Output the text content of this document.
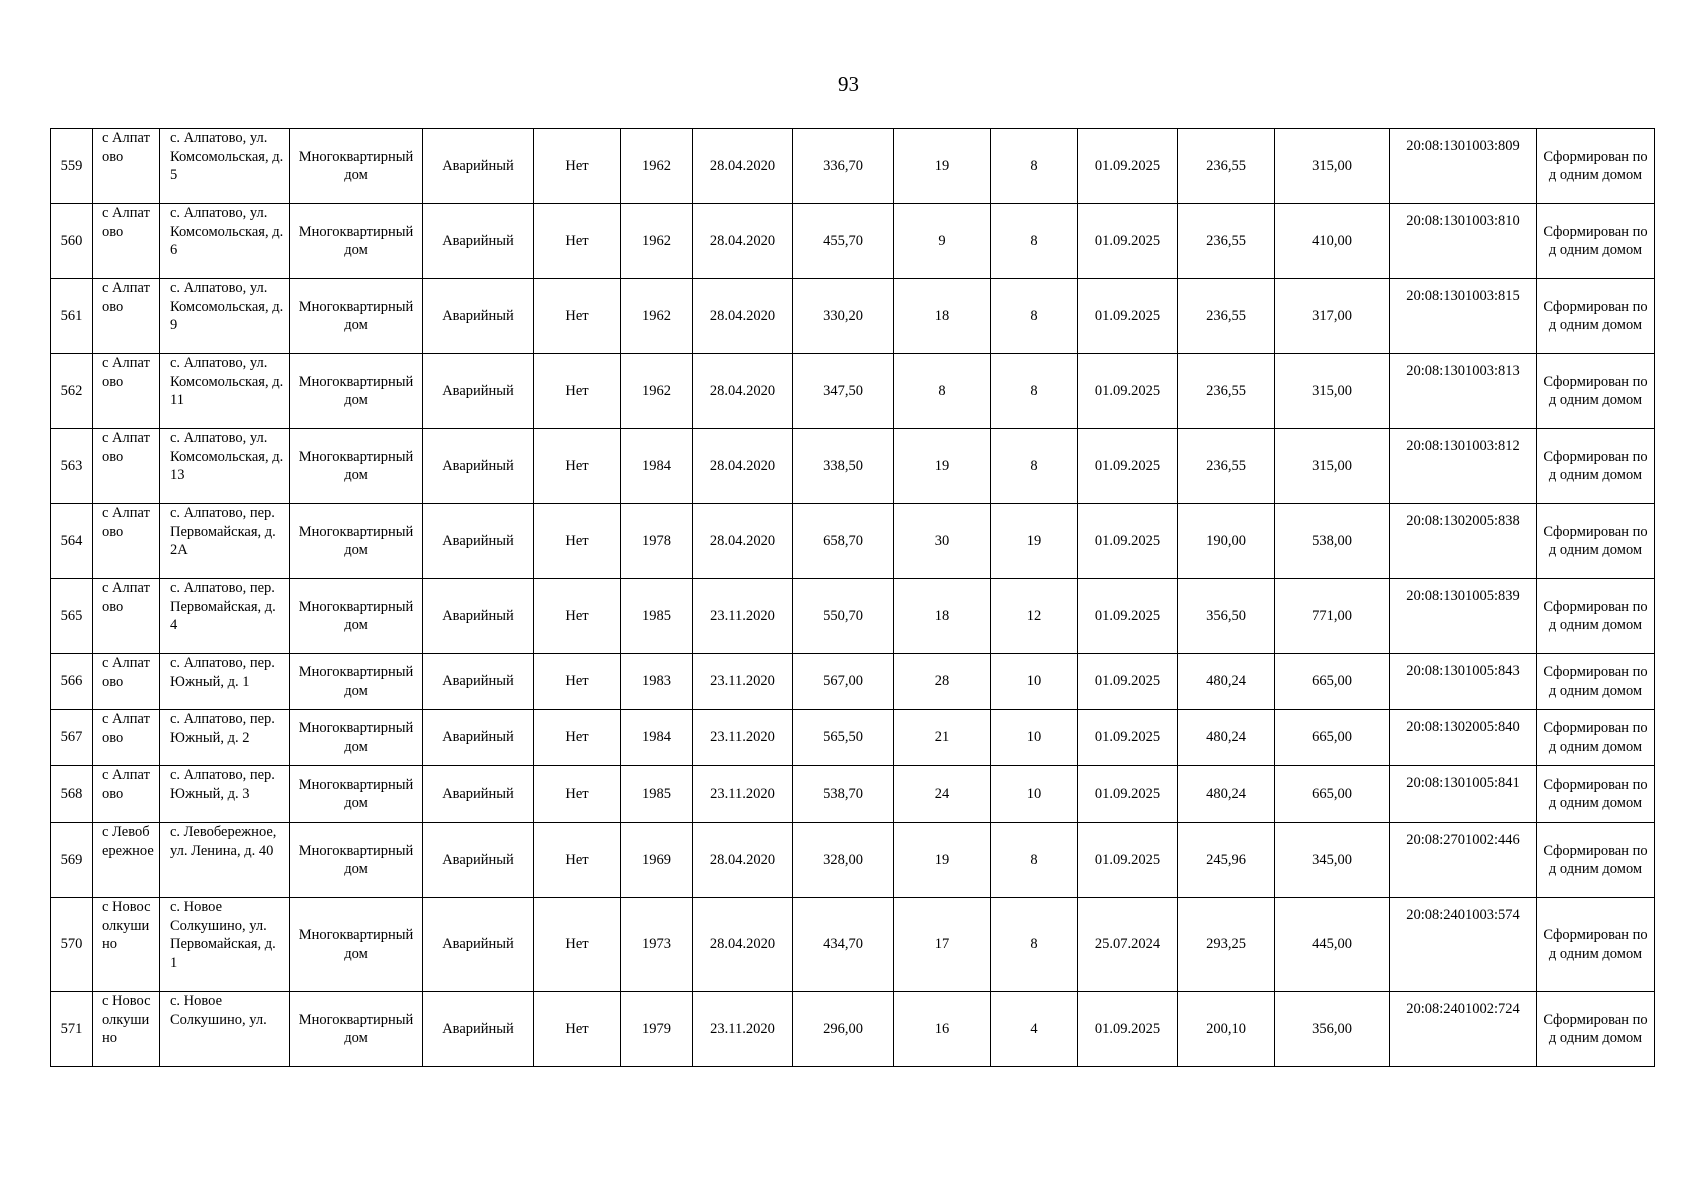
93
559	с Алпатово	с. Алпатово, ул. Комсомольская, д. 5	Многоквартирный дом	Аварийный	Нет	1962	28.04.2020	336,70	19	8	01.09.2025	236,55	315,00	20:08:1301003:809	Сформирован под одним домом
560	с Алпатово	с. Алпатово, ул. Комсомольская, д. 6	Многоквартирный дом	Аварийный	Нет	1962	28.04.2020	455,70	9	8	01.09.2025	236,55	410,00	20:08:1301003:810	Сформирован под одним домом
561	с Алпатово	с. Алпатово, ул. Комсомольская, д. 9	Многоквартирный дом	Аварийный	Нет	1962	28.04.2020	330,20	18	8	01.09.2025	236,55	317,00	20:08:1301003:815	Сформирован под одним домом
562	с Алпатово	с. Алпатово, ул. Комсомольская, д. 11	Многоквартирный дом	Аварийный	Нет	1962	28.04.2020	347,50	8	8	01.09.2025	236,55	315,00	20:08:1301003:813	Сформирован под одним домом
563	с Алпатово	с. Алпатово, ул. Комсомольская, д. 13	Многоквартирный дом	Аварийный	Нет	1984	28.04.2020	338,50	19	8	01.09.2025	236,55	315,00	20:08:1301003:812	Сформирован под одним домом
564	с Алпатово	с. Алпатово, пер. Первомайская, д. 2А	Многоквартирный дом	Аварийный	Нет	1978	28.04.2020	658,70	30	19	01.09.2025	190,00	538,00	20:08:1302005:838	Сформирован под одним домом
565	с Алпатово	с. Алпатово, пер. Первомайская, д. 4	Многоквартирный дом	Аварийный	Нет	1985	23.11.2020	550,70	18	12	01.09.2025	356,50	771,00	20:08:1301005:839	Сформирован под одним домом
566	с Алпатово	с. Алпатово, пер. Южный, д. 1	Многоквартирный дом	Аварийный	Нет	1983	23.11.2020	567,00	28	10	01.09.2025	480,24	665,00	20:08:1301005:843	Сформирован под одним домом
567	с Алпатово	с. Алпатово, пер. Южный, д. 2	Многоквартирный дом	Аварийный	Нет	1984	23.11.2020	565,50	21	10	01.09.2025	480,24	665,00	20:08:1302005:840	Сформирован под одним домом
568	с Алпатово	с. Алпатово, пер. Южный, д. 3	Многоквартирный дом	Аварийный	Нет	1985	23.11.2020	538,70	24	10	01.09.2025	480,24	665,00	20:08:1301005:841	Сформирован под одним домом
569	с Левобережное	с. Левобережное, ул. Ленина, д. 40	Многоквартирный дом	Аварийный	Нет	1969	28.04.2020	328,00	19	8	01.09.2025	245,96	345,00	20:08:2701002:446	Сформирован под одним домом
570	с Новосолкушино	с. Новое Солкушино, ул. Первомайская, д. 1	Многоквартирный дом	Аварийный	Нет	1973	28.04.2020	434,70	17	8	25.07.2024	293,25	445,00	20:08:2401003:574	Сформирован под одним домом
571	с Новосолкушино	с. Новое Солкушино, ул.	Многоквартирный дом	Аварийный	Нет	1979	23.11.2020	296,00	16	4	01.09.2025	200,10	356,00	20:08:2401002:724	Сформирован под одним домом
